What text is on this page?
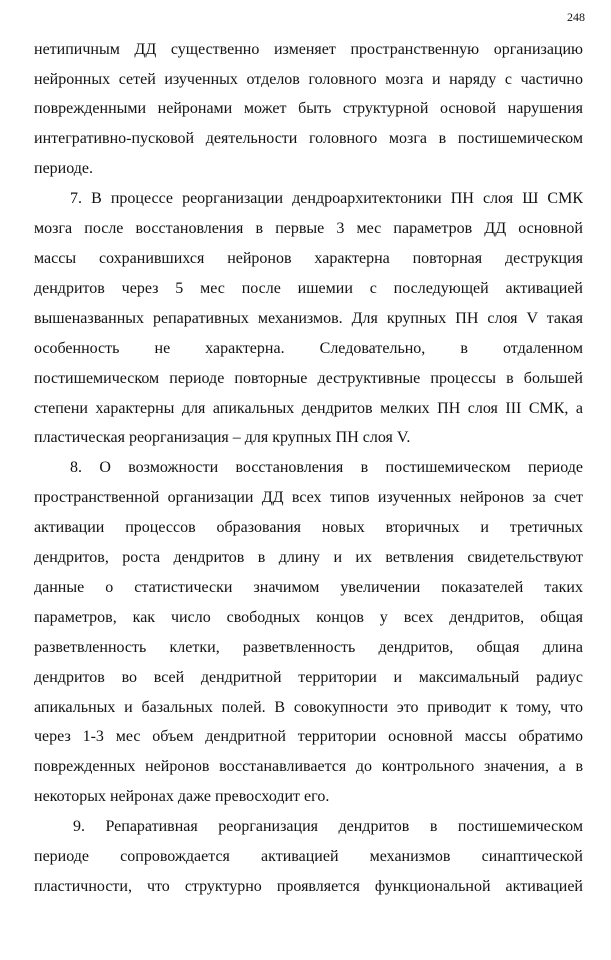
248
нетипичным ДД существенно изменяет пространственную организацию
нейронных сетей изученных отделов головного мозга и наряду с частично
поврежденными нейронами может быть структурной основой нарушения
интегративно-пусковой деятельности головного мозга в постишемическом
периоде.
7. В процессе реорганизации дендроархитектоники ПН слоя Ш СМК
мозга после восстановления в первые 3 мес параметров ДД основной
массы сохранившихся нейронов характерна повторная деструкция
дендритов через 5 мес после ишемии с последующей активацией
вышеназванных репаративных механизмов. Для крупных ПН слоя V такая
особенность не характерна. Следовательно, в отдаленном
постишемическом периоде повторные деструктивные процессы в большей
степени характерны для апикальных дендритов мелких ПН слоя III СМК, а
пластическая реорганизация – для крупных ПН слоя V.
8. О возможности восстановления в постишемическом периоде
пространственной организации ДД всех типов изученных нейронов за счет
активации процессов образования новых вторичных и третичных
дендритов, роста дендритов в длину и их ветвления свидетельствуют
данные о статистически значимом увеличении показателей таких
параметров, как число свободных концов у всех дендритов, общая
разветвленность клетки, разветвленность дендритов, общая длина
дендритов во всей дендритной территории и максимальный радиус
апикальных и базальных полей. В совокупности это приводит к тому, что
через 1-3 мес объем дендритной территории основной массы обратимо
поврежденных нейронов восстанавливается до контрольного значения, а в
некоторых нейронах даже превосходит его.
9. Репаративная реорганизация дендритов в постишемическом
периоде сопровождается активацией механизмов синаптической
пластичности, что структурно проявляется функциональной активацией
